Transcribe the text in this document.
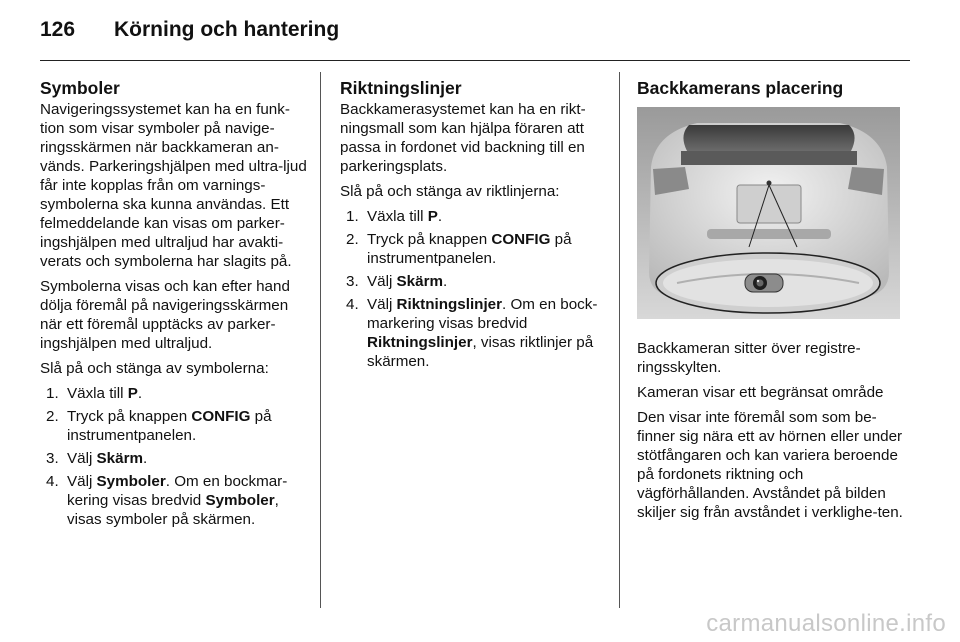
126	Körning och hantering
Symboler

Navigeringssystemet kan ha en funk-tion som visar symboler på navige-ringsskärmen när backkameran an-vänds. Parkeringshjälpen med ultra-ljud får inte kopplas från om varnings-symbolerna ska kunna användas. Ett felmeddelande kan visas om parker-ingshjälpen med ultraljud har avakti-verats och symbolerna har slagits på.

Symbolerna visas och kan efter hand dölja föremål på navigeringsskärmen när ett föremål upptäcks av parker-ingshjälpen med ultraljud.

Slå på och stänga av symbolerna:

1. Växla till P.
2. Tryck på knappen CONFIG på instrumentpanelen.
3. Välj Skärm.
4. Välj Symboler. Om en bockmar-kering visas bredvid Symboler, visas symboler på skärmen.
Riktningslinjer

Backkamerasystemet kan ha en rikt-ningsmall som kan hjälpa föraren att passa in fordonet vid backning till en parkeringsplats.

Slå på och stänga av riktlinjerna:

1. Växla till P.
2. Tryck på knappen CONFIG på instrumentpanelen.
3. Välj Skärm.
4. Välj Riktningslinjer. Om en bock-markering visas bredvid Riktningslinjer, visas riktlinjer på skärmen.
Backkamerans placering

Backkameran sitter över registre-ringsskylten.

Kameran visar ett begränsat område

Den visar inte föremål som som be-finner sig nära ett av hörnen eller under stötfångaren och kan variera beroende på fordonets riktning och vägförhållanden. Avståndet på bilden skiljer sig från avståndet i verklighe-ten.

carmanualsonline.info
